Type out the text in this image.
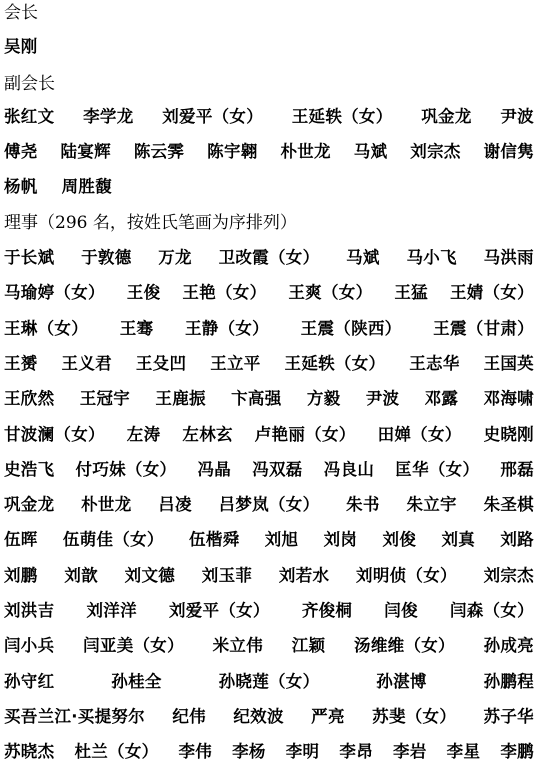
会长
吴刚
副会长
理事（296 名，按姓氏笔画为序排列）
张红文 李学龙 刘爱平（女） 王延轶（女） 巩金龙 尹波
傅尧 陆宴辉 陈云霁 陈宇翱 朴世龙 马斌 刘宗杰 谢信隽
杨帆 周胜馥
于长斌 于敦德 万龙 卫改霞（女） 马斌 马小飞 马洪雨
马瑜婷（女） 王俊 王艳（女） 王爽（女） 王猛 王婧（女）
王琳（女） 王骞 王静（女） 王震（陕西） 王震（甘肃）
王赟 王义君 王殳凹 王立平 王延轶（女） 王志华 王国英
王欣然 王冠宇 王鹿振 卞高强 方毅 尹波 邓露 邓海啸
甘波澜（女） 左涛 左林玄 卢艳丽（女） 田婵（女） 史晓刚
史浩飞 付巧妹（女） 冯晶 冯双磊 冯良山 匡华（女） 邢磊
巩金龙 朴世龙 吕凌 吕梦岚（女） 朱书 朱立宇 朱圣棋
伍晖 伍萌佳（女） 伍楷舜 刘旭 刘岗 刘俊 刘真 刘路
刘鹏 刘歆 刘文德 刘玉菲 刘若水 刘明侦（女） 刘宗杰
刘洪吉 刘洋洋 刘爱平（女） 齐俊桐 闫俊 闫森（女）
闫小兵 闫亚美（女） 米立伟 江颖 汤维维（女） 孙成亮
孙守红	孙桂全	孙晓莲（女）	孙湛博	孙鹏程
买吾兰江·买提努尔 纪伟 纪效波 严亮 苏斐（女） 苏子华
苏晓杰 杜兰（女） 李伟 李杨 李明 李昂 李岩 李星 李鹏
